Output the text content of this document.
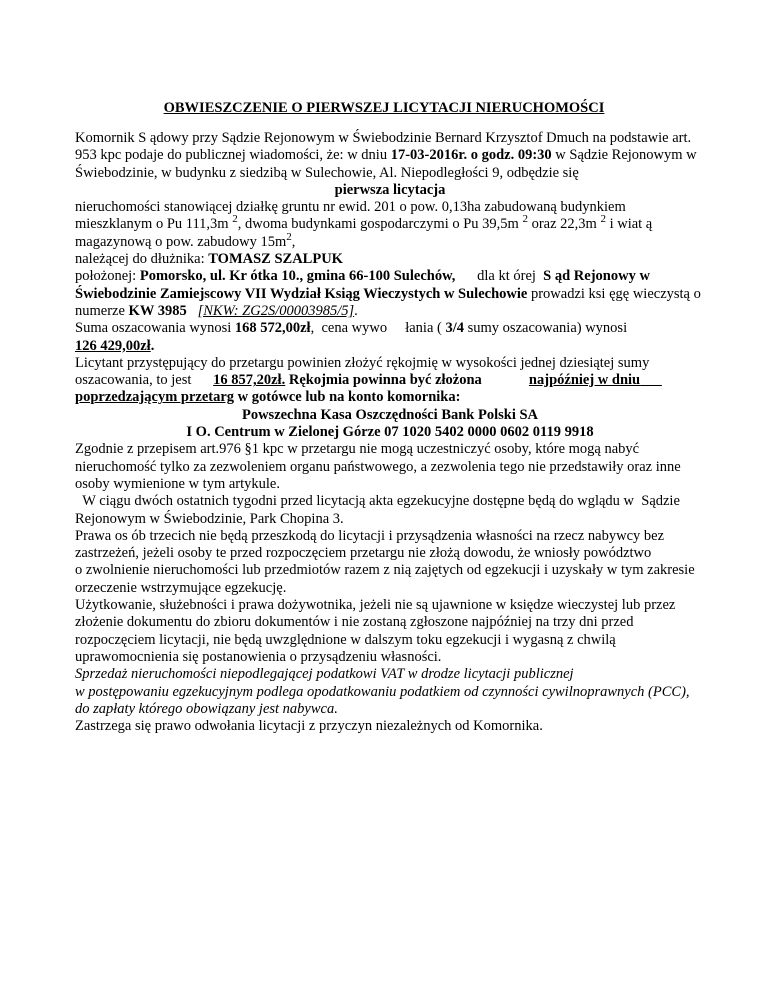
OBWIESZCZENIE O PIERWSZEJ LICYTACJI NIERUCHOMOŚCI

Komornik S ądowy przy Sądzie Rejonowym w Świebodzinie Bernard Krzysztof Dmuch na podstawie art. 953 kpc podaje do publicznej wiadomości, że: w dniu 17-03-2016r. o godz. 09:30 w Sądzie Rejonowym w Świebodzinie, w budynku z siedzibą w Sulechowie, Al. Niepodległości 9, odbędzie się

pierwsza licytacja

nieruchomości stanowiącej działkę gruntu nr ewid. 201 o pow. 0,13ha zabudowaną budynkiem
mieszklanym o Pu 111,3m $^2$, dwoma budynkami gospodarczymi o Pu 39,5m $^2$ oraz 22,3m $^2$ i wiat ą
magazynową o pow. zabudowy $15m^2$,

należącej do dłużnika: TOMASZ SZALPUK

położonej: Pomorsko, ul. Kr ótka 10., gmina 66-100 Sulechów,      dla kt órej  S ąd Rejonowy w Świebodzinie Zamiejscowy VII Wydział Ksiąg Wieczystych w Sulechowie prowadzi ksi ęgę wieczystą o numerze KW 3985 [NKW: ZG2S/00003985/5].

Suma oszacowania wynosi 168 572,00zł,  cena wywo     łania ( 3/4 sumy oszacowania) wynosi
126 429,00zł.

Licytant przystępujący do przetargu powinien złożyć rękojmię w wysokości jednej dziesiątej sumy oszacowania, to jest      16 857,20zł. Rękojmia powinna być złożona	najpóźniej w dniu      poprzedzającym przetarg w gotówce lub na konto komornika:

Powszechna Kasa Oszczędności Bank Polski SA

I O. Centrum w Zielonej Górze 07 1020 5402 0000 0602 0119 9918

Zgodnie z przepisem art.976 §1 kpc w przetargu nie mogą uczestniczyć osoby, które mogą nabyć nieruchomość tylko za zezwoleniem organu państwowego, a zezwolenia tego nie przedstawiły oraz inne osoby wymienione w tym artykule.

W ciągu dwóch ostatnich tygodni przed licytacją akta egzekucyjne dostępne będą do wglądu w  Sądzie Rejonowym w Świebodzinie, Park Chopina 3.

Prawa os ób trzecich nie będą przeszkodą do licytacji i przysądzenia własności na rzecz nabywcy bez zastrzeżeń, jeżeli osoby te przed rozpoczęciem przetargu nie złożą dowodu, że wniosły powództwo

o zwolnienie nieruchomości lub przedmiotów razem z nią zajętych od egzekucji i uzyskały w tym zakresie orzeczenie wstrzymujące egzekucję.

Użytkowanie, służebności i prawa dożywotnika, jeżeli nie są ujawnione w księdze wieczystej lub przez złożenie dokumentu do zbioru dokumentów i nie zostaną zgłoszone najpóźniej na trzy dni przed rozpoczęciem licytacji, nie będą uwzględnione w dalszym toku egzekucji i wygasną z chwilą uprawomocnienia się postanowienia o przysądzeniu własności.

Sprzedaż nieruchomości niepodlegającej podatkowi VAT w drodze licytacji publicznej

w postępowaniu egzekucyjnym podlega opodatkowaniu podatkiem od czynności cywilnoprawnych (PCC), do zapłaty którego obowiązany jest nabywca.

Zastrzega się prawo odwołania licytacji z przyczyn niezależnych od Komornika.
